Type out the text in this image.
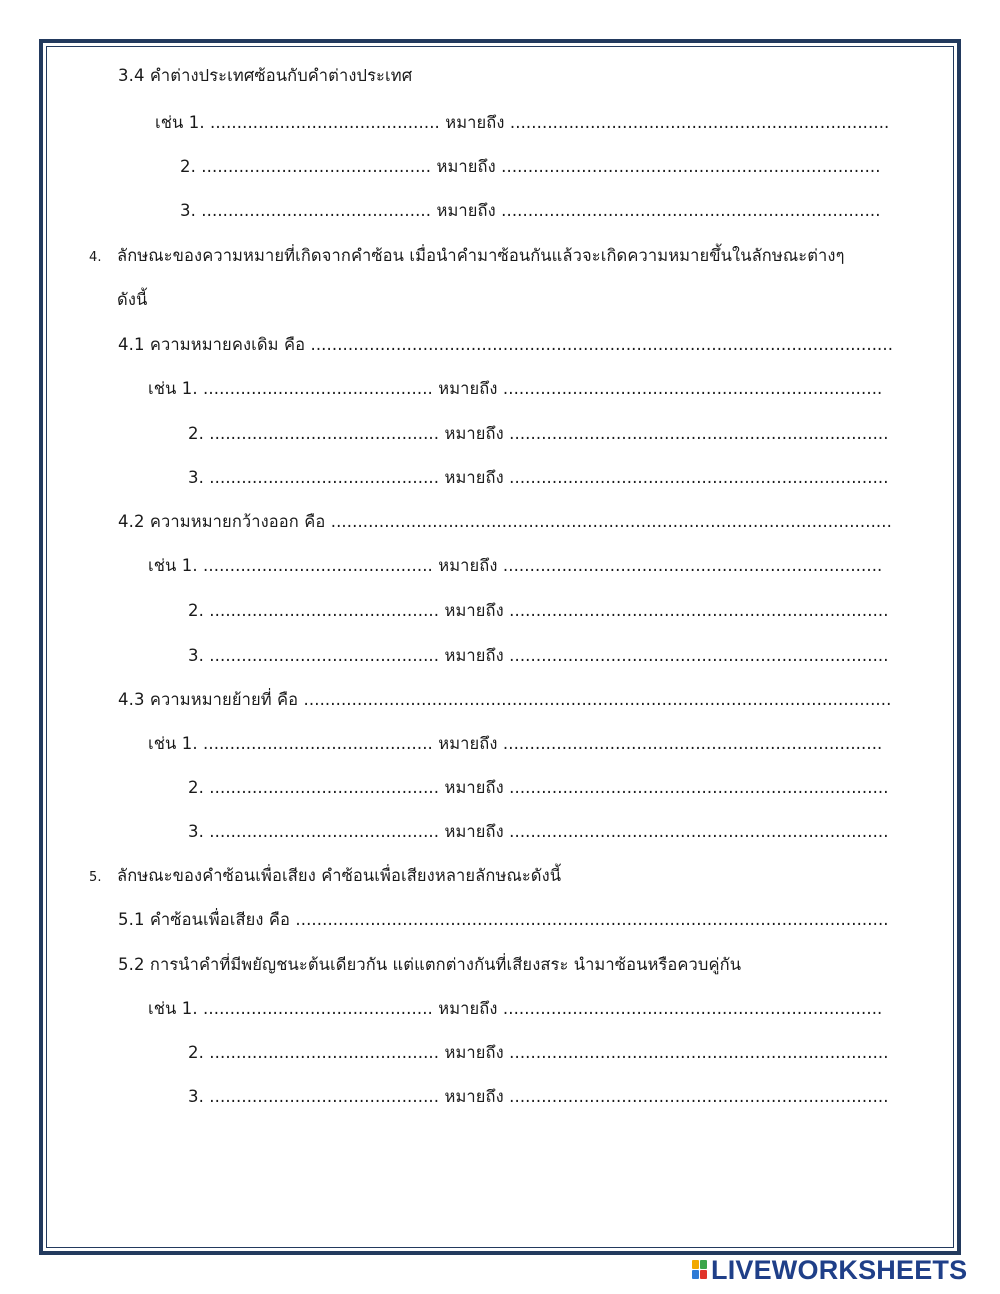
3.4 คำต่างประเทศซ้อนกับคำต่างประเทศ
เช่น 1. ........................................... หมายถึง .......................................................................
2. ........................................... หมายถึง .......................................................................
3. ........................................... หมายถึง .......................................................................
4. ลักษณะของความหมายที่เกิดจากคำซ้อน เมื่อนำคำมาซ้อนกันแล้วจะเกิดความหมายขึ้นในลักษณะต่างๆ
ดังนี้
4.1 ความหมายคงเดิม คือ .............................................................................................................
เช่น 1. ........................................... หมายถึง .......................................................................
2. ........................................... หมายถึง .......................................................................
3. ........................................... หมายถึง .......................................................................
4.2 ความหมายกว้างออก คือ .........................................................................................................
เช่น 1. ........................................... หมายถึง .......................................................................
2. ........................................... หมายถึง .......................................................................
3. ........................................... หมายถึง .......................................................................
4.3 ความหมายย้ายที่ คือ ..............................................................................................................
เช่น 1. ........................................... หมายถึง .......................................................................
2. ........................................... หมายถึง .......................................................................
3. ........................................... หมายถึง .......................................................................
5. ลักษณะของคำซ้อนเพื่อเสียง คำซ้อนเพื่อเสียงหลายลักษณะดังนี้
5.1 คำซ้อนเพื่อเสียง คือ ...............................................................................................................
5.2 การนำคำที่มีพยัญชนะต้นเดียวกัน แต่แตกต่างกันที่เสียงสระ นำมาซ้อนหรือควบคู่กัน
เช่น 1. ........................................... หมายถึง .......................................................................
2. ........................................... หมายถึง .......................................................................
3. ........................................... หมายถึง .......................................................................
LIVEWORKSHEETS
